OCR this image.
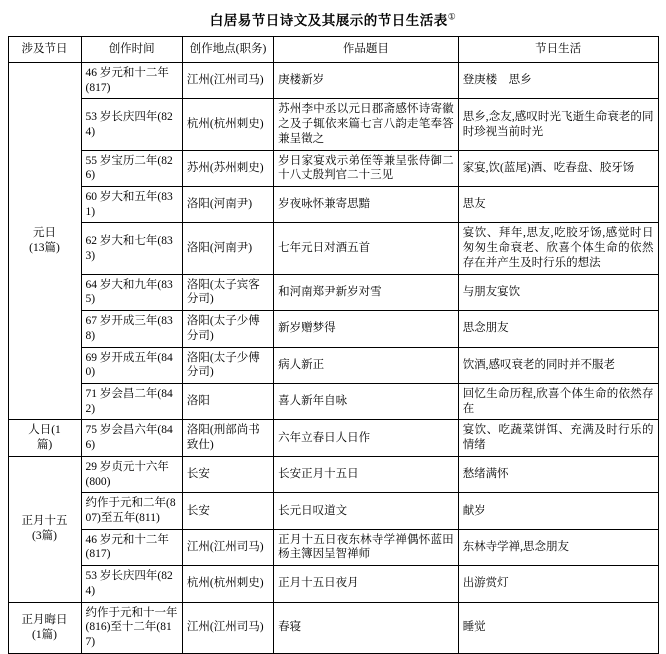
白居易节日诗文及其展示的节日生活表①
涉及节日	创作时间	创作地点(职务)	作品题目	节日生活

元日
(13篇)	46 岁元和十二年(817)	江州(江州司马)	庚楼新岁	登庚楼　思乡
	53 岁长庆四年(824)	杭州(杭州刺史)	苏州李中丞以元日郡斋感怀诗寄徽之及子辄依来篇七言八韵走笔奉答兼呈徵之	思乡,念友,感叹时光飞逝生命衰老的同时珍视当前时光
	55 岁宝历二年(826)	苏州(苏州刺史)	岁日家宴戏示弟侄等兼呈张侍御二十八丈殷判官二十三见	家宴,饮(蓝尾)酒、吃春盘、胶牙饧
	60 岁大和五年(831)	洛阳(河南尹)	岁夜咏怀兼寄思黯	思友
	62 岁大和七年(833)	洛阳(河南尹)	七年元日对酒五首	宴饮、拜年,思友,吃胶牙饧,感觉时日匆匆生命衰老、欣喜个体生命的依然存在并产生及时行乐的想法
	64 岁大和九年(835)	洛阳(太子宾客分司)	和河南郑尹新岁对雪	与朋友宴饮
	67 岁开成三年(838)	洛阳(太子少傅分司)	新岁赠梦得	思念朋友
	69 岁开成五年(840)	洛阳(太子少傅分司)	病人新正	饮酒,感叹衰老的同时并不服老
	71 岁会昌二年(842)	洛阳	喜人新年自咏	回忆生命历程,欣喜个体生命的依然存在

人日(1
篇)	75 岁会昌六年(846)	洛阳(刑部尚书致仕)	六年立春日人日作	宴饮、吃蔬菜饼饵、充满及时行乐的情绪

正月十五
(3篇)	29 岁贞元十六年(800)	长安	长安正月十五日	愁绪满怀
	约作于元和二年(807)至五年(811)	长安	长元日叹道文	献岁
	46 岁元和十二年(817)	江州(江州司马)	正月十五日夜东林寺学禅偶怀蓝田杨主簿因呈智禅师	东林寺学禅,思念朋友
	53 岁长庆四年(824)	杭州(杭州刺史)	正月十五日夜月	出游赏灯

正月晦日
(1篇)	约作于元和十一年(816)至十二年(817)	江州(江州司马)	春寝	睡觉
